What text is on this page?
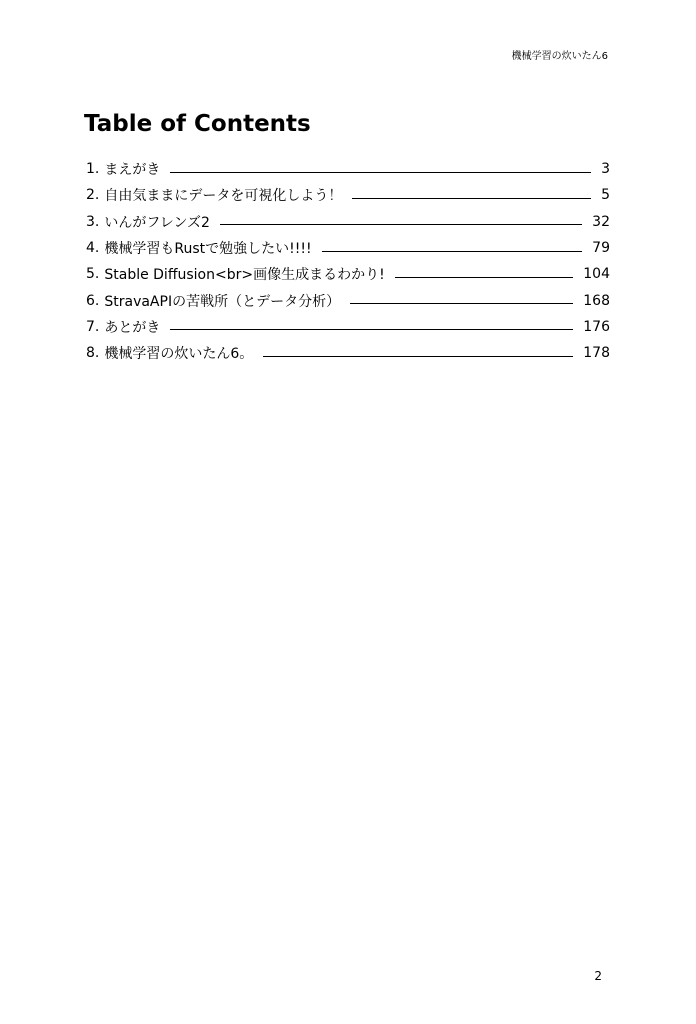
機械学習の炊いたん6
Table of Contents
1. まえがき	3
2. 自由気ままにデータを可視化しよう！	5
3. いんがフレンズ2	32
4. 機械学習もRustで勉強したい!!!!	79
5. Stable Diffusion<br>画像生成まるわかり!	104
6. StravaAPIの苦戦所（とデータ分析）	168
7. あとがき	176
8. 機械学習の炊いたん6。	178
2
